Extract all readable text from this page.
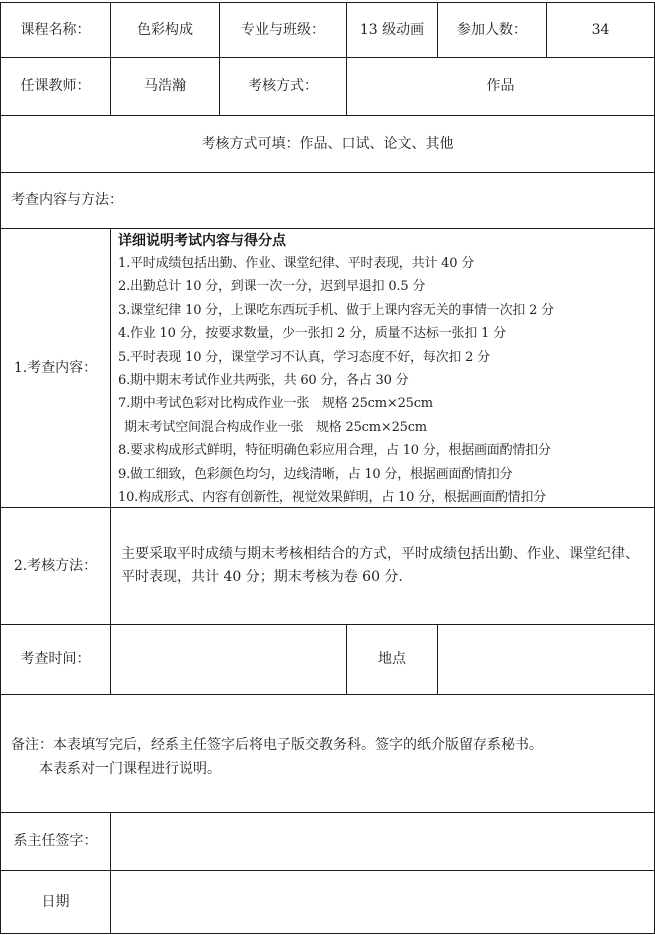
课程名称：	色彩构成	专业与班级：	13 级动画	参加人数：	34
任课教师：	马浩瀚	考核方式：	作品
考核方式可填：作品、口试、论文、其他
考查内容与方法：
1.考查内容：
详细说明考试内容与得分点
1.平时成绩包括出勤、作业、课堂纪律、平时表现，共计 40 分
2.出勤总计 10 分，到课一次一分，迟到早退扣 0.5 分
3.课堂纪律 10 分，上课吃东西玩手机、做于上课内容无关的事情一次扣 2 分
4.作业 10 分，按要求数量，少一张扣 2 分，质量不达标一张扣 1 分
5.平时表现 10 分，课堂学习不认真，学习态度不好，每次扣 2 分
6.期中期末考试作业共两张，共 60 分，各占 30 分
7.期中考试色彩对比构成作业一张　规格 25cm×25cm
期末考试空间混合构成作业一张　规格 25cm×25cm
8.要求构成形式鲜明，特征明确色彩应用合理，占 10 分，根据画面酌情扣分
9.做工细致，色彩颜色均匀，边线清晰，占 10 分，根据画面酌情扣分
10.构成形式、内容有创新性，视觉效果鲜明，占 10 分，根据画面酌情扣分
2.考核方法：
主要采取平时成绩与期末考核相结合的方式，平时成绩包括出勤、作业、课堂纪律、平时表现，共计 40 分；期末考核为卷 60 分.
考查时间：	地点
备注：本表填写完后，经系主任签字后将电子版交教务科。签字的纸介版留存系秘书。
本表系对一门课程进行说明。
系主任签字：
日期
